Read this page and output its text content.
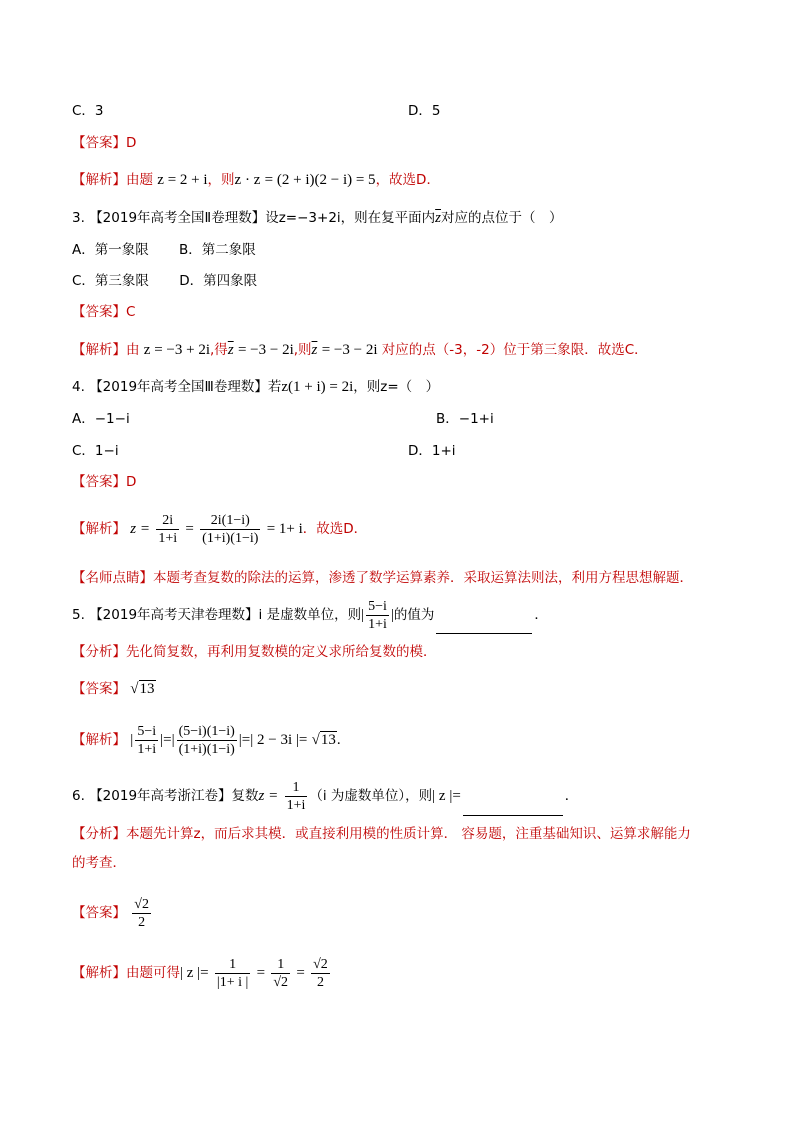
C．3	D．5
【答案】D
【解析】由题 z = 2 + i，则z · z = (2 + i)(2 − i) = 5，故选D．
3. 【2019年高考全国Ⅱ卷理数】设z=−3+2i，则在复平面内$\overline{z}$对应的点位于（　）
A．第一象限 B．第二象限
C．第三象限 D．第四象限
【答案】C
【解析】由 z = −3 + 2i,得$\overline{z} = -3 - 2i$,则$\overline{z} = -3 - 2i$ 对应的点（-3，-2）位于第三象限．故选C．
4. 【2019年高考全国Ⅲ卷理数】若z(1 + i) = 2i，则z=（　）
A．−1−i	B．−1+i
C．1−i	D．1+i
【答案】D
【解析】 $z = \frac{2i}{1+i} = \frac{2i(1-i)}{(1+i)(1-i)} = 1+ i$．故选D．
【名师点睛】本题考查复数的除法的运算，渗透了数学运算素养．采取运算法则法，利用方程思想解题．
5. 【2019年高考天津卷理数】i 是虚数单位，则| $\frac{5-i}{1+i}$ |的值为	．
【分析】先化简复数，再利用复数模的定义求所给复数的模．
【答案】 √13
【解析】 | $\frac{5-i}{1+i}$ |=| $\frac{(5-i)(1-i)}{(1+i)(1-i)}$ |=| 2 − 3i |= √13.
6. 【2019年高考浙江卷】复数$z = \frac{1}{1+i} (i$ 为虚数单位），则| z |=	．
【分析】本题先计算z，而后求其模．或直接利用模的性质计算． 容易题，注重基础知识、运算求解能力
的考查．
【答案】 $\frac{√2}{2}$
【解析】由题可得| z |= $\frac{1}{|1+ i |} = \frac{1}{√2} = \frac{√2}{2}$
